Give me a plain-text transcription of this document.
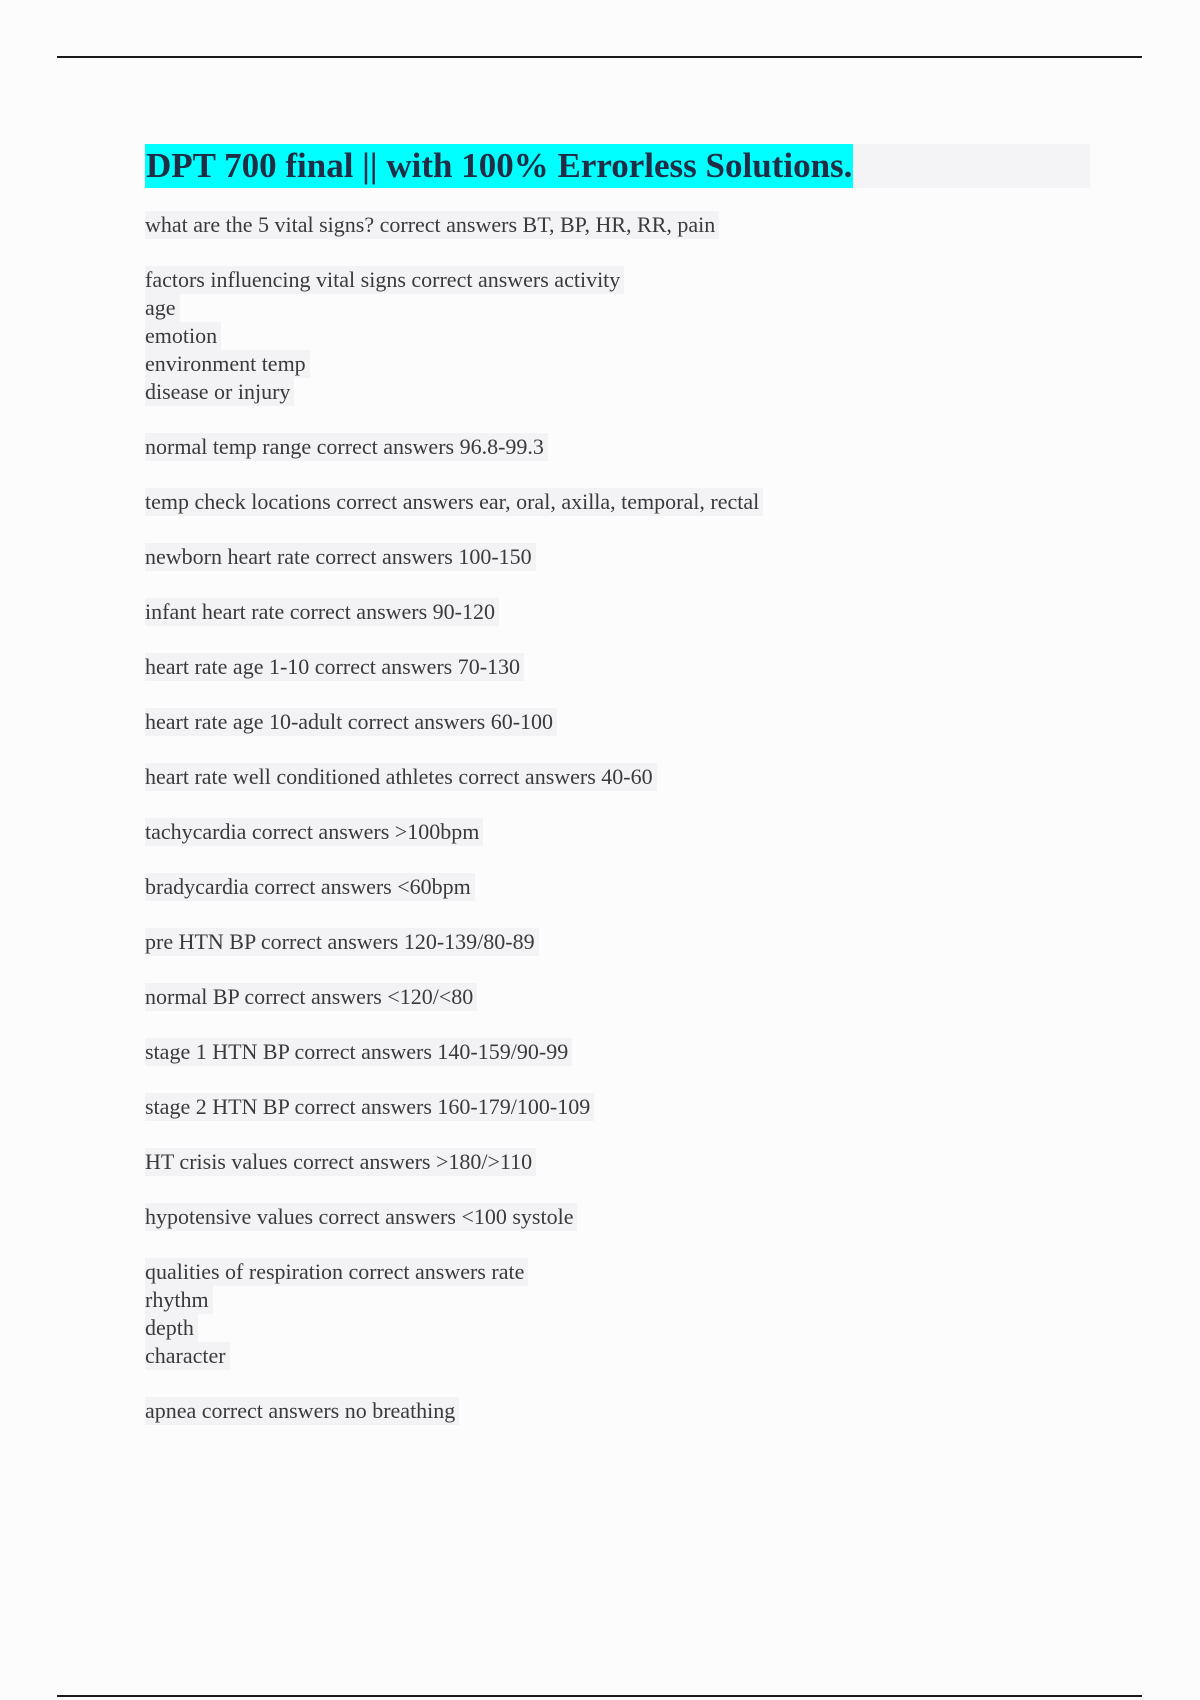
DPT 700 final || with 100% Errorless Solutions.
what are the 5 vital signs? correct answers BT, BP, HR, RR, pain
factors influencing vital signs correct answers activity
age
emotion
environment temp
disease or injury
normal temp range correct answers 96.8-99.3
temp check locations correct answers ear, oral, axilla, temporal, rectal
newborn heart rate correct answers 100-150
infant heart rate correct answers 90-120
heart rate age 1-10 correct answers 70-130
heart rate age 10-adult correct answers 60-100
heart rate well conditioned athletes correct answers 40-60
tachycardia correct answers >100bpm
bradycardia correct answers <60bpm
pre HTN BP correct answers 120-139/80-89
normal BP correct answers <120/<80
stage 1 HTN BP correct answers 140-159/90-99
stage 2 HTN BP correct answers 160-179/100-109
HT crisis values correct answers >180/>110
hypotensive values correct answers <100 systole
qualities of respiration correct answers rate
rhythm
depth
character
apnea correct answers no breathing
